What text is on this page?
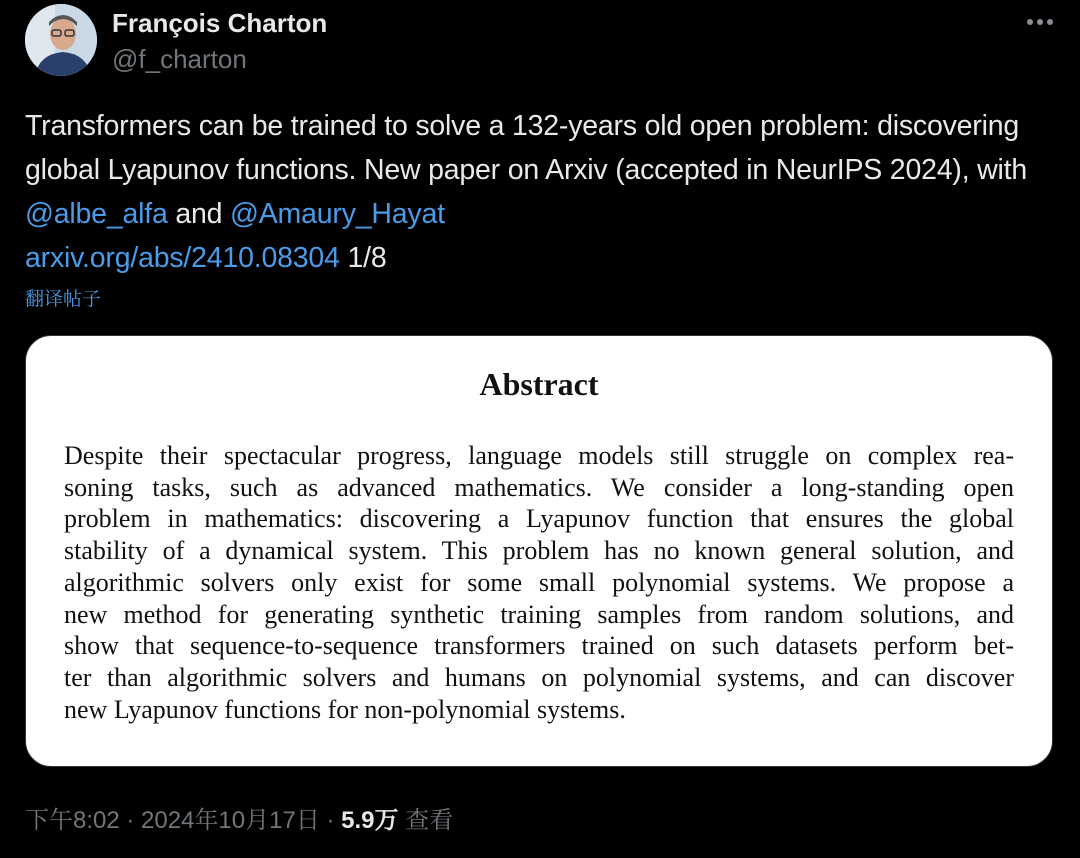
François Charton
@f_charton
Transformers can be trained to solve a 132-years old open problem: discovering global Lyapunov functions. New paper on Arxiv (accepted in NeurIPS 2024), with @albe_alfa and @Amaury_Hayat
arxiv.org/abs/2410.08304 1/8
翻译帖子
Abstract
Despite their spectacular progress, language models still struggle on complex rea-
soning tasks, such as advanced mathematics. We consider a long-standing open
problem in mathematics: discovering a Lyapunov function that ensures the global
stability of a dynamical system. This problem has no known general solution, and
algorithmic solvers only exist for some small polynomial systems. We propose a
new method for generating synthetic training samples from random solutions, and
show that sequence-to-sequence transformers trained on such datasets perform bet-
ter than algorithmic solvers and humans on polynomial systems, and can discover
new Lyapunov functions for non-polynomial systems.
下午8:02 · 2024年10月17日 · 5.9万 查看
